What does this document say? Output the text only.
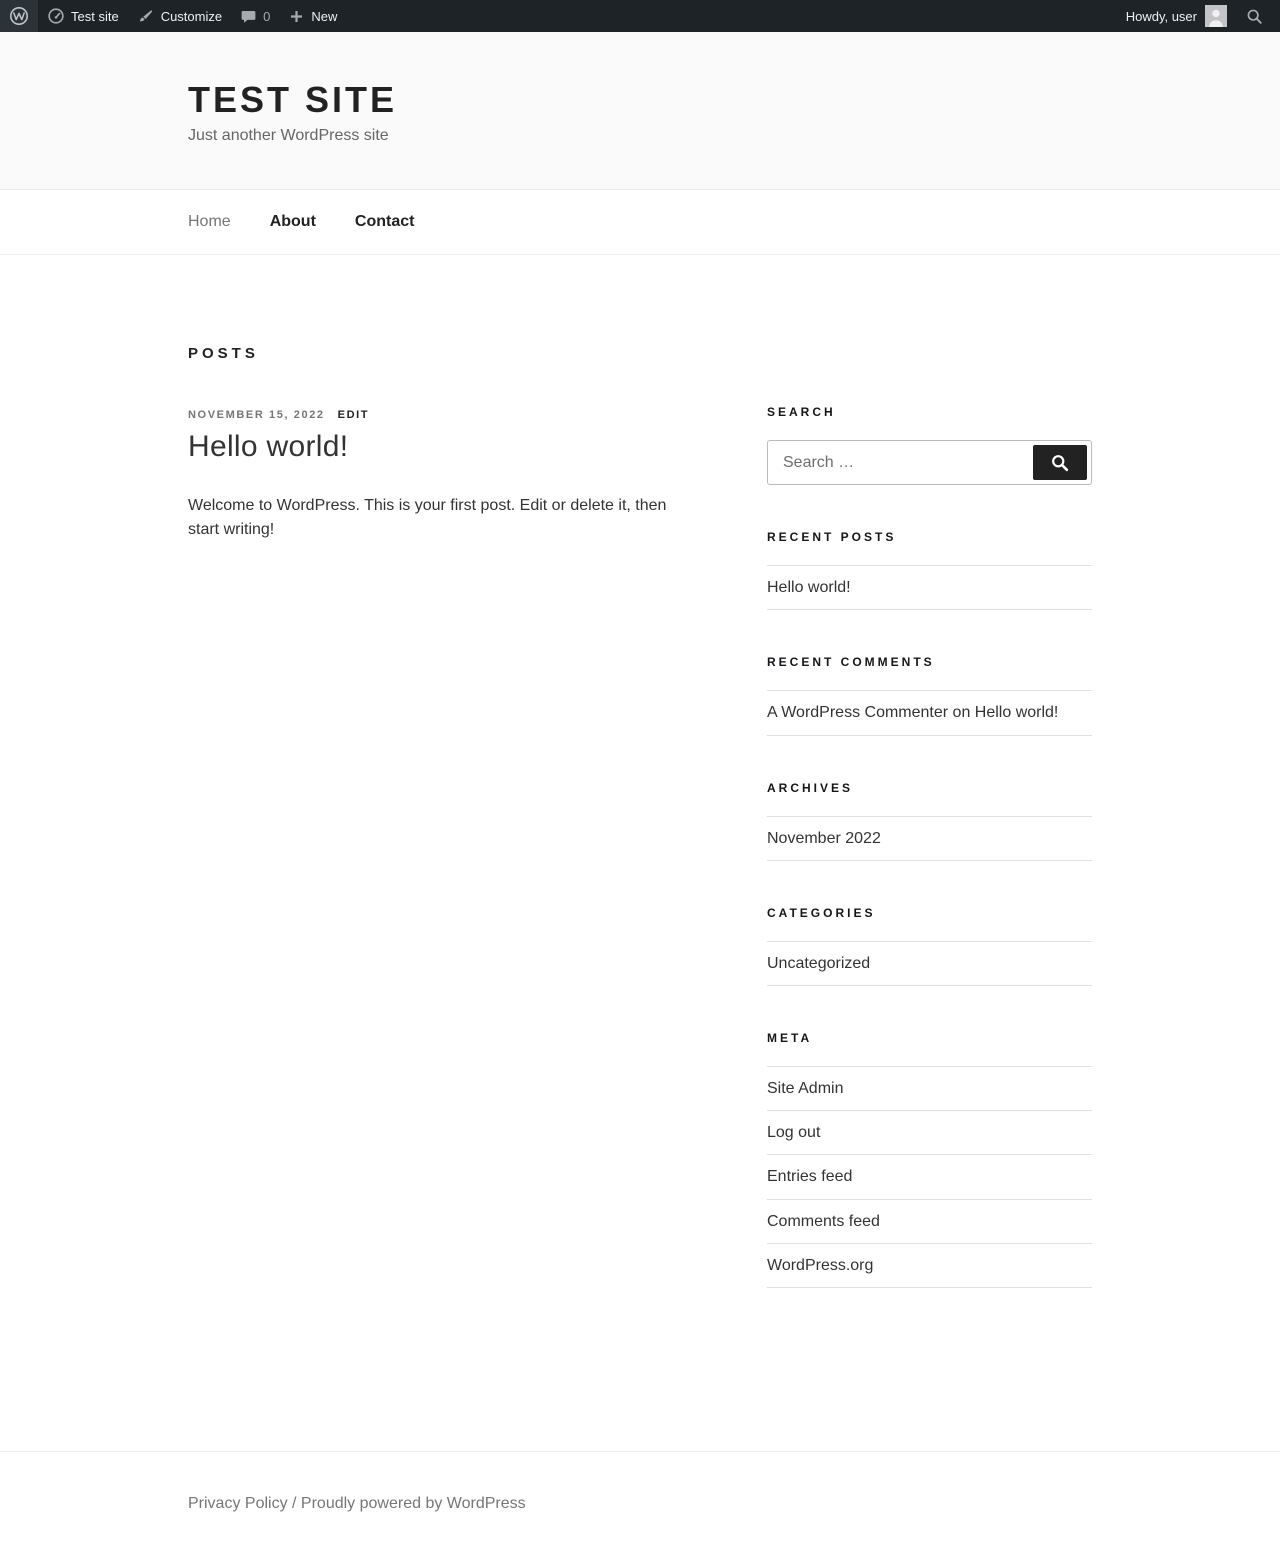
Test site	Customize	0	New	Howdy, user
TEST SITE

Just another WordPress site

Home About Contact
POSTS
NOVEMBER 15, 2022 EDIT
Hello world!

Welcome to WordPress. This is your first post. Edit or delete it, then start writing!

SEARCH
Search …
RECENT POSTS
Hello world!
RECENT COMMENTS
A WordPress Commenter on Hello world!
ARCHIVES
November 2022
CATEGORIES
Uncategorized
META
Site Admin
Log out
Entries feed
Comments feed
WordPress.org
Privacy Policy / Proudly powered by WordPress
